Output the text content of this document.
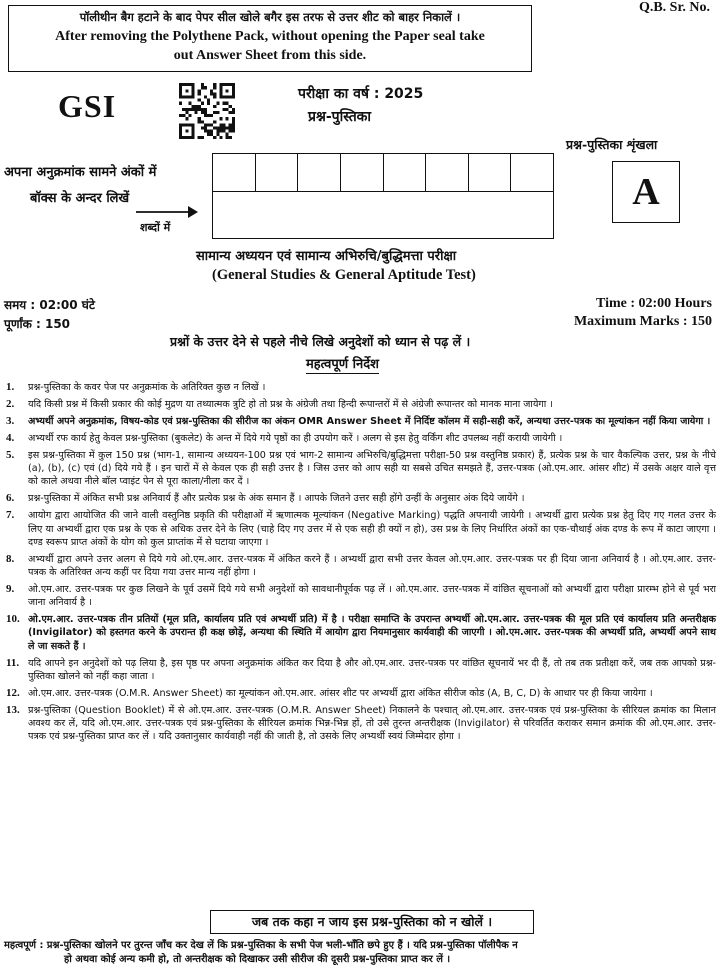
पॉलीथीन बैग हटाने के बाद पेपर सील खोले बगैर इस तरफ से उत्तर शीट को बाहर निकालें ।
After removing the Polythene Pack, without opening the Paper seal take
out Answer Sheet from this side.
Q.B. Sr. No.
GSI	परीक्षा का वर्ष : 2025
प्रश्न-पुस्तिका
प्रश्न-पुस्तिका शृंखला
A
अपना अनुक्रमांक सामने अंकों में
बॉक्स के अन्दर लिखें
शब्दों में
सामान्य अध्ययन एवं सामान्य अभिरुचि/बुद्धिमत्ता परीक्षा
(General Studies & General Aptitude Test)
समय : 02:00 घंटे
पूर्णांक : 150
Time : 02:00 Hours
Maximum Marks : 150
प्रश्नों के उत्तर देने से पहले नीचे लिखे अनुदेशों को ध्यान से पढ़ लें ।
महत्वपूर्ण निर्देश
1. प्रश्न-पुस्तिका के कवर पेज पर अनुक्रमांक के अतिरिक्त कुछ न लिखें ।
2. यदि किसी प्रश्न में किसी प्रकार की कोई मुद्रण या तथ्यात्मक त्रुटि हो तो प्रश्न के अंग्रेजी तथा हिन्दी रूपान्तरों में से अंग्रेजी रूपान्तर को मानक माना जायेगा ।
3. अभ्यर्थी अपने अनुक्रमांक, विषय-कोड एवं प्रश्न-पुस्तिका की सीरीज का अंकन OMR Answer Sheet में निर्दिष्ट कॉलम में सही-सही करें, अन्यथा उत्तर-पत्रक का मूल्यांकन नहीं किया जायेगा ।
4. अभ्यर्थी रफ कार्य हेतु केवल प्रश्न-पुस्तिका (बुकलेट) के अन्त में दिये गये पृष्ठों का ही उपयोग करें । अलग से इस हेतु वर्किंग शीट उपलब्ध नहीं करायी जायेगी ।
5. इस प्रश्न-पुस्तिका में कुल 150 प्रश्न (भाग-1, सामान्य अध्ययन-100 प्रश्न एवं भाग-2 सामान्य अभिरुचि/बुद्धिमत्ता परीक्षा-50 प्रश्न वस्तुनिष्ठ प्रकार) हैं, प्रत्येक प्रश्न के चार वैकल्पिक उत्तर, प्रश्न के नीचे (a), (b), (c) एवं (d) दिये गये हैं । इन चारों में से केवल एक ही सही उत्तर है । जिस उत्तर को आप सही या सबसे उचित समझते हैं, उत्तर-पत्रक (ओ.एम.आर. आंसर शीट) में उसके अक्षर वाले वृत्त को काले अथवा नीले बॉल प्वाइंट पेन से पूरा काला/नीला कर दें ।
6. प्रश्न-पुस्तिका में अंकित सभी प्रश्न अनिवार्य हैं और प्रत्येक प्रश्न के अंक समान हैं । आपके जितने उत्तर सही होंगे उन्हीं के अनुसार अंक दिये जायेंगे ।
7. आयोग द्वारा आयोजित की जाने वाली वस्तुनिष्ठ प्रकृति की परीक्षाओं में ऋणात्मक मूल्यांकन (Negative Marking) पद्धति अपनायी जायेगी । अभ्यर्थी द्वारा प्रत्येक प्रश्न हेतु दिए गए गलत उत्तर के लिए या अभ्यर्थी द्वारा एक प्रश्न के एक से अधिक उत्तर देने के लिए (चाहे दिए गए उत्तर में से एक सही ही क्यों न हो), उस प्रश्न के लिए निर्धारित अंकों का एक-चौथाई अंक दण्ड के रूप में काटा जाएगा । दण्ड स्वरूप प्राप्त अंकों के योग को कुल प्राप्तांक में से घटाया जाएगा ।
8. अभ्यर्थी द्वारा अपने उत्तर अलग से दिये गये ओ.एम.आर. उत्तर-पत्रक में अंकित करने हैं । अभ्यर्थी द्वारा सभी उत्तर केवल ओ.एम.आर. उत्तर-पत्रक पर ही दिया जाना अनिवार्य है । ओ.एम.आर. उत्तर-पत्रक के अतिरिक्त अन्य कहीं पर दिया गया उत्तर मान्य नहीं होगा ।
9. ओ.एम.आर. उत्तर-पत्रक पर कुछ लिखने के पूर्व उसमें दिये गये सभी अनुदेशों को सावधानीपूर्वक पढ़ लें । ओ.एम.आर. उत्तर-पत्रक में वांछित सूचनाओं को अभ्यर्थी द्वारा परीक्षा प्रारम्भ होने से पूर्व भरा जाना अनिवार्य है ।
10. ओ.एम.आर. उत्तर-पत्रक तीन प्रतियों (मूल प्रति, कार्यालय प्रति एवं अभ्यर्थी प्रति) में है । परीक्षा समाप्ति के उपरान्त अभ्यर्थी ओ.एम.आर. उत्तर-पत्रक की मूल प्रति एवं कार्यालय प्रति अन्तरीक्षक (Invigilator) को हस्तगत करने के उपरान्त ही कक्ष छोड़ें, अन्यथा की स्थिति में आयोग द्वारा नियमानुसार कार्यवाही की जाएगी । ओ.एम.आर. उत्तर-पत्रक की अभ्यर्थी प्रति, अभ्यर्थी अपने साथ ले जा सकते हैं ।
11. यदि आपने इन अनुदेशों को पढ़ लिया है, इस पृष्ठ पर अपना अनुक्रमांक अंकित कर दिया है और ओ.एम.आर. उत्तर-पत्रक पर वांछित सूचनायें भर दी हैं, तो तब तक प्रतीक्षा करें, जब तक आपको प्रश्न-पुस्तिका खोलने को नहीं कहा जाता ।
12. ओ.एम.आर. उत्तर-पत्रक (O.M.R. Answer Sheet) का मूल्यांकन ओ.एम.आर. आंसर शीट पर अभ्यर्थी द्वारा अंकित सीरीज कोड (A, B, C, D) के आधार पर ही किया जायेगा ।
13. प्रश्न-पुस्तिका (Question Booklet) में से ओ.एम.आर. उत्तर-पत्रक (O.M.R. Answer Sheet) निकालने के पश्चात् ओ.एम.आर. उत्तर-पत्रक एवं प्रश्न-पुस्तिका के सीरियल क्रमांक का मिलान अवश्य कर लें, यदि ओ.एम.आर. उत्तर-पत्रक एवं प्रश्न-पुस्तिका के सीरियल क्रमांक भिन्न-भिन्न हों, तो उसे तुरन्त अन्तरीक्षक (Invigilator) से परिवर्तित कराकर समान क्रमांक की ओ.एम.आर. उत्तर-पत्रक एवं प्रश्न-पुस्तिका प्राप्त कर लें । यदि उक्तानुसार कार्यवाही नहीं की जाती है, तो उसके लिए अभ्यर्थी स्वयं जिम्मेदार होगा ।
जब तक कहा न जाय इस प्रश्न-पुस्तिका को न खोलें ।
महत्वपूर्ण : प्रश्न-पुस्तिका खोलने पर तुरन्त जाँच कर देख लें कि प्रश्न-पुस्तिका के सभी पेज भली-भाँति छपे हुए हैं । यदि प्रश्न-पुस्तिका पॉलीपैक न
हो अथवा कोई अन्य कमी हो, तो अन्तरीक्षक को दिखाकर उसी सीरीज की दूसरी प्रश्न-पुस्तिका प्राप्त कर लें ।
